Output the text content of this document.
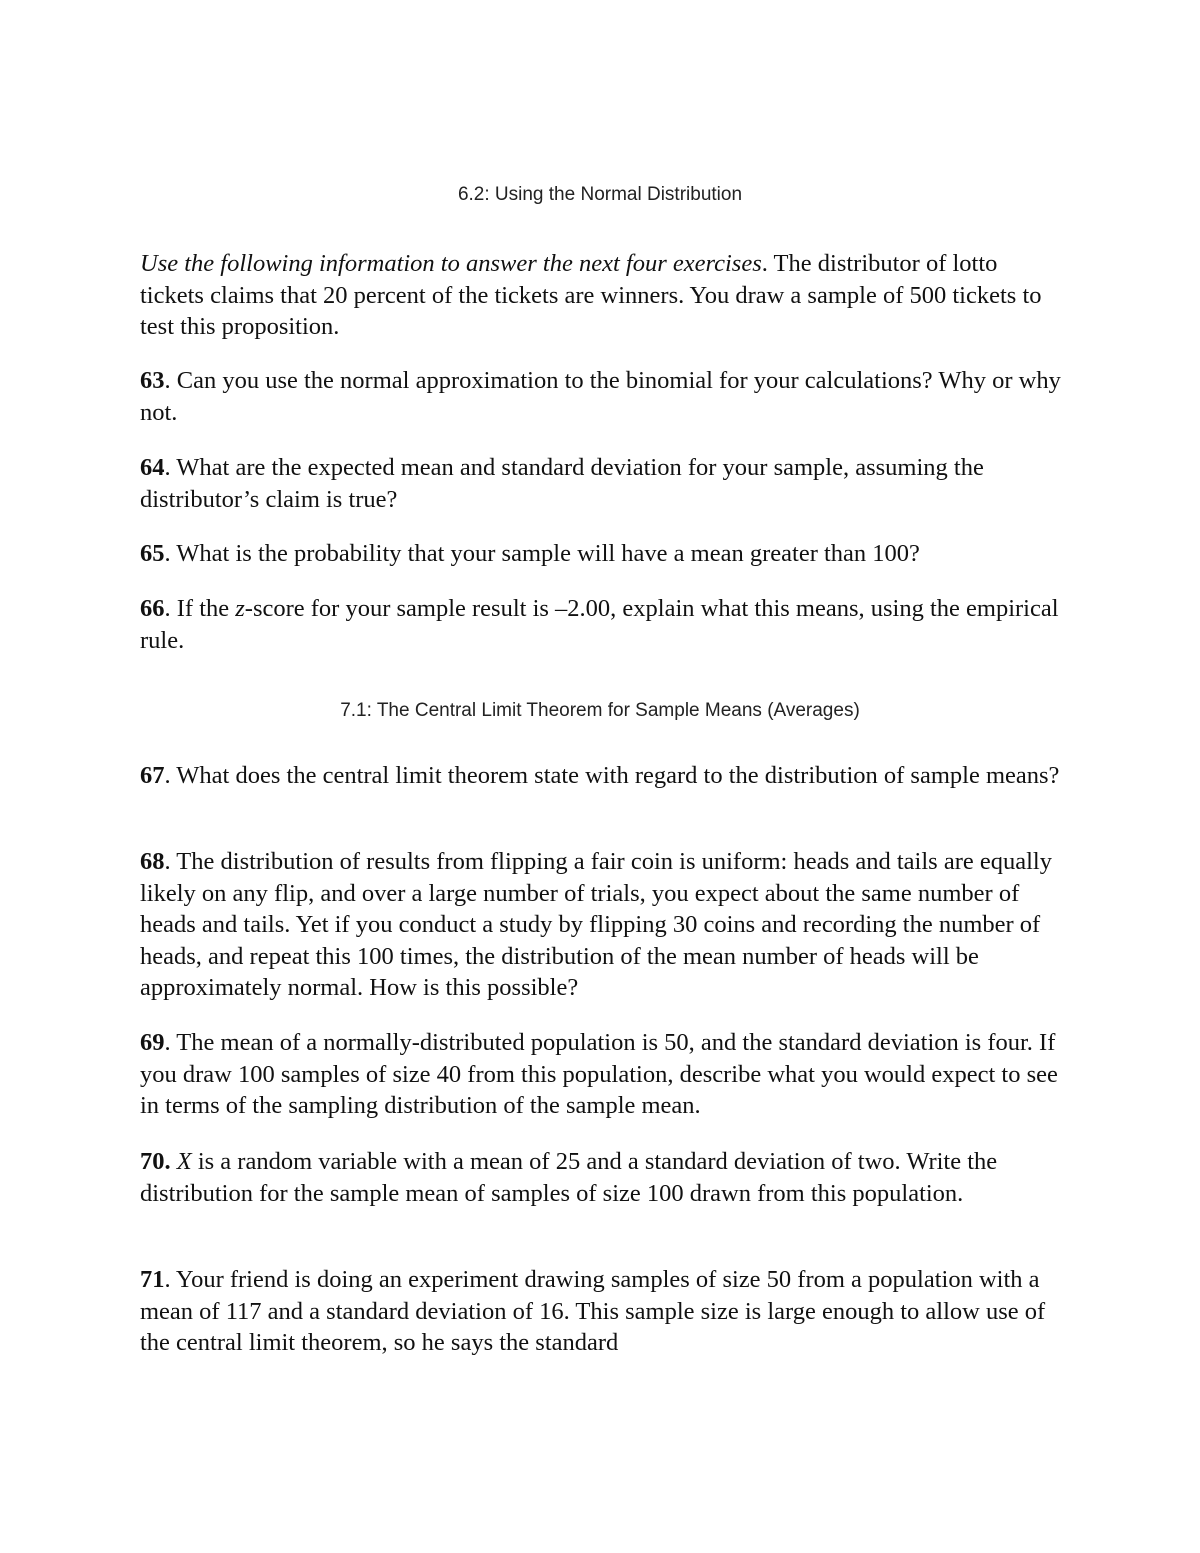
6.2: Using the Normal Distribution
Use the following information to answer the next four exercises. The distributor of lotto tickets claims that 20 percent of the tickets are winners. You draw a sample of 500 tickets to test this proposition.
63. Can you use the normal approximation to the binomial for your calculations? Why or why not.
64. What are the expected mean and standard deviation for your sample, assuming the distributor’s claim is true?
65. What is the probability that your sample will have a mean greater than 100?
66. If the z-score for your sample result is –2.00, explain what this means, using the empirical rule.
7.1: The Central Limit Theorem for Sample Means (Averages)
67. What does the central limit theorem state with regard to the distribution of sample means?
68. The distribution of results from flipping a fair coin is uniform: heads and tails are equally likely on any flip, and over a large number of trials, you expect about the same number of heads and tails. Yet if you conduct a study by flipping 30 coins and recording the number of heads, and repeat this 100 times, the distribution of the mean number of heads will be approximately normal. How is this possible?
69. The mean of a normally-distributed population is 50, and the standard deviation is four. If you draw 100 samples of size 40 from this population, describe what you would expect to see in terms of the sampling distribution of the sample mean.
70. X is a random variable with a mean of 25 and a standard deviation of two. Write the distribution for the sample mean of samples of size 100 drawn from this population.
71. Your friend is doing an experiment drawing samples of size 50 from a population with a mean of 117 and a standard deviation of 16. This sample size is large enough to allow use of the central limit theorem, so he says the standard
